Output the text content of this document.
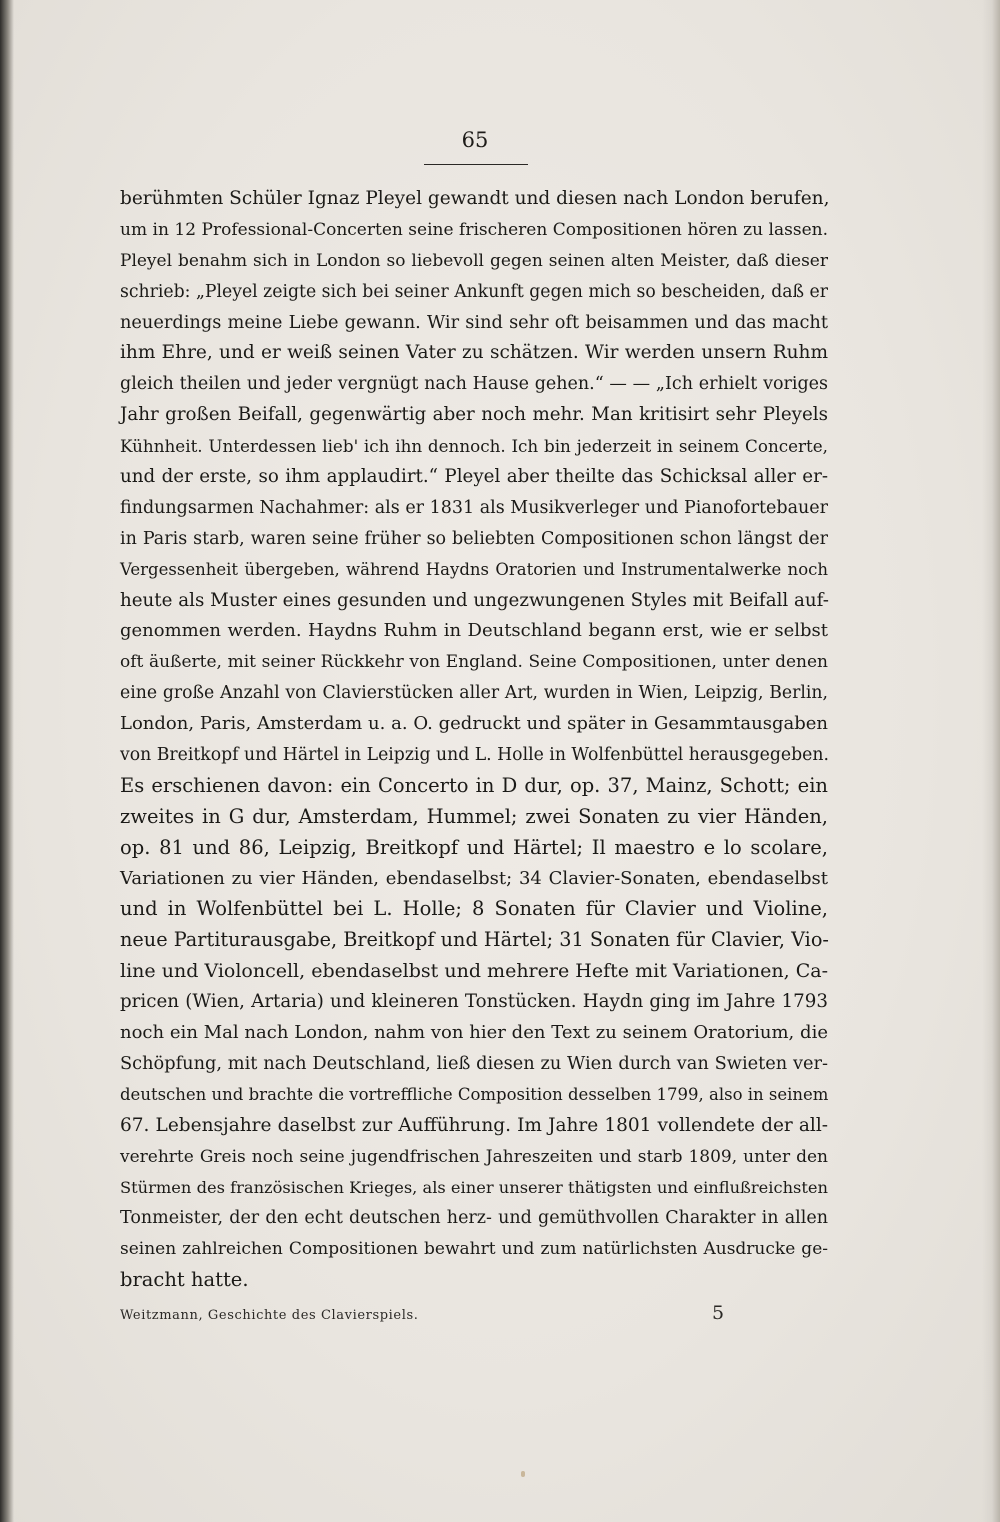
65
berühmten Schüler Ignaz Pleyel gewandt und diesen nach London berufen,
um in 12 Professional-Concerten seine frischeren Compositionen hören zu lassen.
Pleyel benahm sich in London so liebevoll gegen seinen alten Meister, daß dieser
schrieb: „Pleyel zeigte sich bei seiner Ankunft gegen mich so bescheiden, daß er
neuerdings meine Liebe gewann. Wir sind sehr oft beisammen und das macht
ihm Ehre, und er weiß seinen Vater zu schätzen. Wir werden unsern Ruhm
gleich theilen und jeder vergnügt nach Hause gehen.“ — — „Ich erhielt voriges
Jahr großen Beifall, gegenwärtig aber noch mehr. Man kritisirt sehr Pleyels
Kühnheit. Unterdessen lieb' ich ihn dennoch. Ich bin jederzeit in seinem Concerte,
und der erste, so ihm applaudirt.“ Pleyel aber theilte das Schicksal aller er-
findungsarmen Nachahmer: als er 1831 als Musikverleger und Pianofortebauer
in Paris starb, waren seine früher so beliebten Compositionen schon längst der
Vergessenheit übergeben, während Haydns Oratorien und Instrumentalwerke noch
heute als Muster eines gesunden und ungezwungenen Styles mit Beifall auf-
genommen werden. Haydns Ruhm in Deutschland begann erst, wie er selbst
oft äußerte, mit seiner Rückkehr von England. Seine Compositionen, unter denen
eine große Anzahl von Clavierstücken aller Art, wurden in Wien, Leipzig, Berlin,
London, Paris, Amsterdam u. a. O. gedruckt und später in Gesammtausgaben
von Breitkopf und Härtel in Leipzig und L. Holle in Wolfenbüttel herausgegeben.
Es erschienen davon: ein Concerto in D dur, op. 37, Mainz, Schott; ein
zweites in G dur, Amsterdam, Hummel; zwei Sonaten zu vier Händen,
op. 81 und 86, Leipzig, Breitkopf und Härtel; Il maestro e lo scolare,
Variationen zu vier Händen, ebendaselbst; 34 Clavier-Sonaten, ebendaselbst
und in Wolfenbüttel bei L. Holle; 8 Sonaten für Clavier und Violine,
neue Partiturausgabe, Breitkopf und Härtel; 31 Sonaten für Clavier, Vio-
line und Violoncell, ebendaselbst und mehrere Hefte mit Variationen, Ca-
pricen (Wien, Artaria) und kleineren Tonstücken. Haydn ging im Jahre 1793
noch ein Mal nach London, nahm von hier den Text zu seinem Oratorium, die
Schöpfung, mit nach Deutschland, ließ diesen zu Wien durch van Swieten ver-
deutschen und brachte die vortreffliche Composition desselben 1799, also in seinem
67. Lebensjahre daselbst zur Aufführung. Im Jahre 1801 vollendete der all-
verehrte Greis noch seine jugendfrischen Jahreszeiten und starb 1809, unter den
Stürmen des französischen Krieges, als einer unserer thätigsten und einflußreichsten
Tonmeister, der den echt deutschen herz- und gemüthvollen Charakter in allen
seinen zahlreichen Compositionen bewahrt und zum natürlichsten Ausdrucke ge-
bracht hatte.
Weitzmann, Geschichte des Clavierspiels.	5
